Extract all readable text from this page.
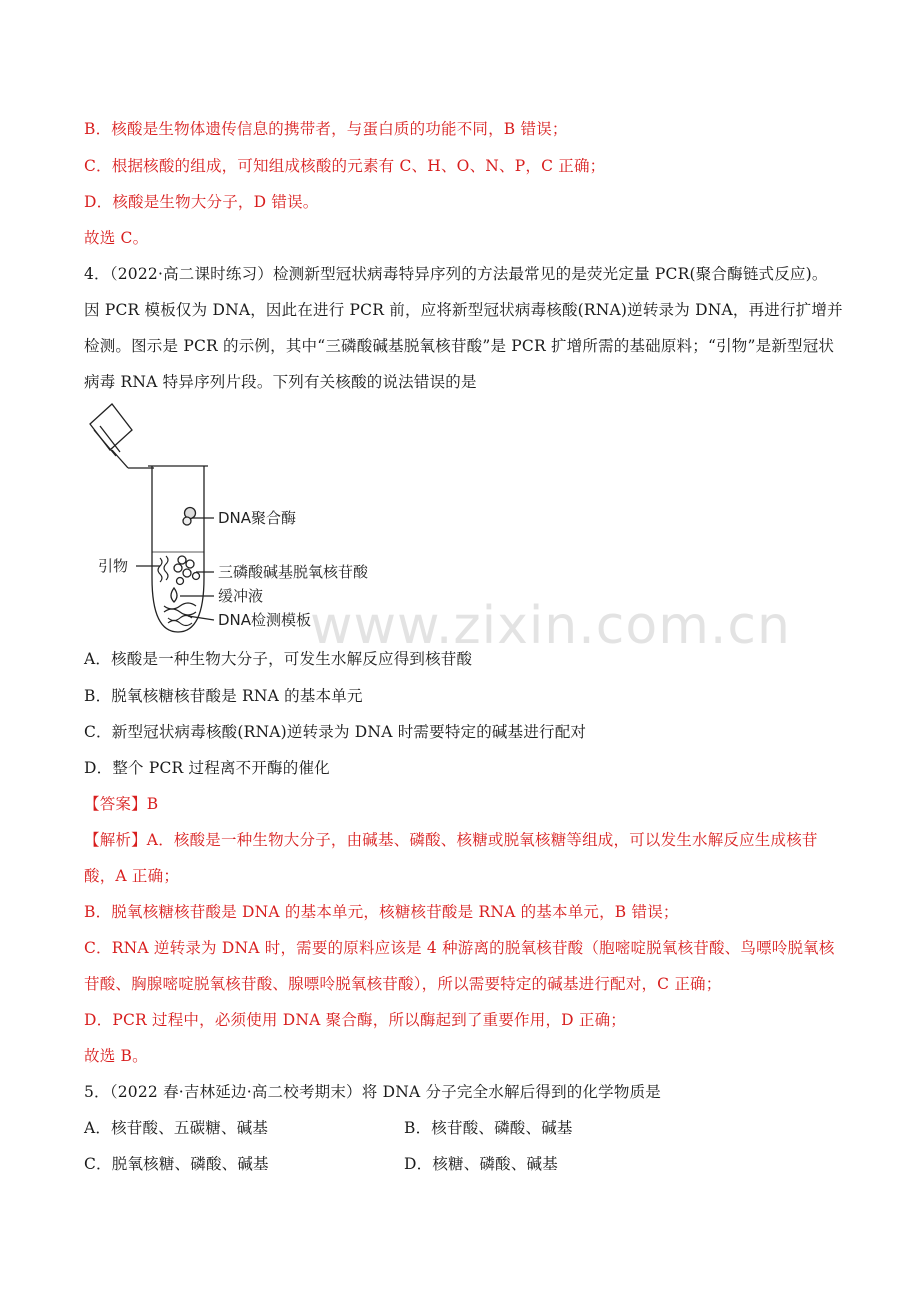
B．核酸是生物体遗传信息的携带者，与蛋白质的功能不同，B 错误；
C．根据核酸的组成，可知组成核酸的元素有 C、H、O、N、P，C 正确；
D．核酸是生物大分子，D 错误。
故选 C。
4．（2022·高二课时练习）检测新型冠状病毒特异序列的方法最常见的是荧光定量 PCR(聚合酶链式反应)。
因 PCR 模板仅为 DNA，因此在进行 PCR 前，应将新型冠状病毒核酸(RNA)逆转录为 DNA，再进行扩增并
检测。图示是 PCR 的示例，其中“三磷酸碱基脱氧核苷酸”是 PCR 扩增所需的基础原料；“引物”是新型冠状
病毒 RNA 特异序列片段。下列有关核酸的说法错误的是
DNA聚合酶
引物	三磷酸碱基脱氧核苷酸
缓冲液
DNA检测模板
www.zixin.com.cn
A．核酸是一种生物大分子，可发生水解反应得到核苷酸
B．脱氧核糖核苷酸是 RNA 的基本单元
C．新型冠状病毒核酸(RNA)逆转录为 DNA 时需要特定的碱基进行配对
D．整个 PCR 过程离不开酶的催化
【答案】B
【解析】A．核酸是一种生物大分子，由碱基、磷酸、核糖或脱氧核糖等组成，可以发生水解反应生成核苷
酸，A 正确；
B．脱氧核糖核苷酸是 DNA 的基本单元，核糖核苷酸是 RNA 的基本单元，B 错误；
C．RNA 逆转录为 DNA 时，需要的原料应该是 4 种游离的脱氧核苷酸（胞嘧啶脱氧核苷酸、鸟嘌呤脱氧核
苷酸、胸腺嘧啶脱氧核苷酸、腺嘌呤脱氧核苷酸），所以需要特定的碱基进行配对，C 正确；
D．PCR 过程中，必须使用 DNA 聚合酶，所以酶起到了重要作用，D 正确；
故选 B。
5．（2022 春·吉林延边·高二校考期末）将 DNA 分子完全水解后得到的化学物质是
A．核苷酸、五碳糖、碱基	B．核苷酸、磷酸、碱基
C．脱氧核糖、磷酸、碱基	D．核糖、磷酸、碱基
